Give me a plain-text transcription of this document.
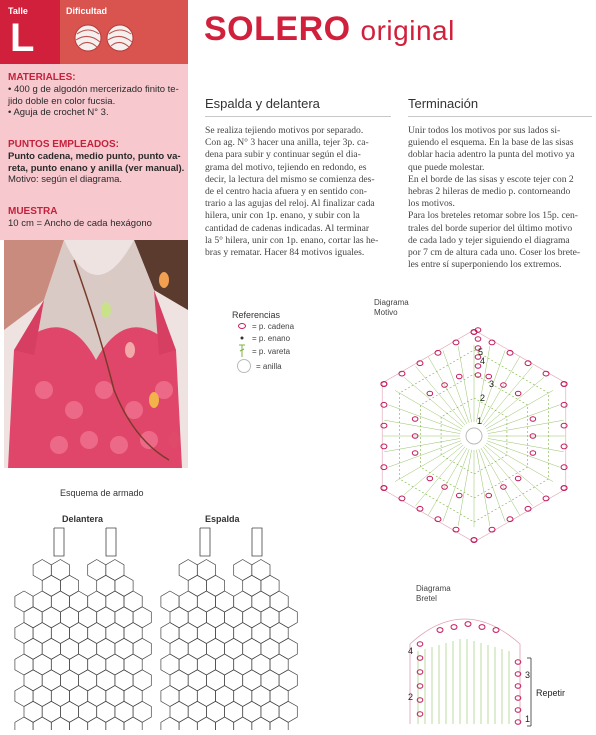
Talle
L
Dificultad	SOLERO original
MATERIALES:
• 400 g de algodón mercerizado finito te-
jido doble en color fucsia.
• Aguja de crochet N° 3.
PUNTOS EMPLEADOS:
Punto cadena, medio punto, punto va-
reta, punto enano y anilla (ver manual).
Motivo: según el diagrama.
MUESTRA
10 cm = Ancho de cada hexágono
Espalda y delantera
Se realiza tejiendo motivos por separado.
Con ag. N° 3 hacer una anilla, tejer 3p. ca-
dena para subir y continuar según el dia-
grama del motivo, tejiendo en redondo, es
decir, la lectura del mismo se comienza des-
de el centro hacia afuera y en sentido con-
trario a las agujas del reloj. Al finalizar cada
hilera, unir con 1p. enano, y subir con la
cantidad de cadenas indicadas. Al terminar
la 5° hilera, unir con 1p. enano, cortar las he-
bras y rematar. Hacer 84 motivos iguales.
Terminación
Unir todos los motivos por sus lados si-
guiendo el esquema. En la base de las sisas
doblar hacia adentro la punta del motivo ya
que puede molestar.
En el borde de las sisas y escote tejer con 2
hebras 2 hileras de medio p. contorneando
los motivos.
Para los breteles retomar sobre los 15p. cen-
trales del borde superior del último motivo
de cada lado y tejer siguiendo el diagrama
por 7 cm de altura cada uno. Coser los brete-
les entre sí superponiendo los extremos.
Referencias
= p. cadena
= p. enano
= p. vareta
= anilla
Diagrama
Motivo
5
4
3
2
1
Esquema de armado
Delantera	Espalda
Diagrama
Bretel
4
3
2
1
Repetir
